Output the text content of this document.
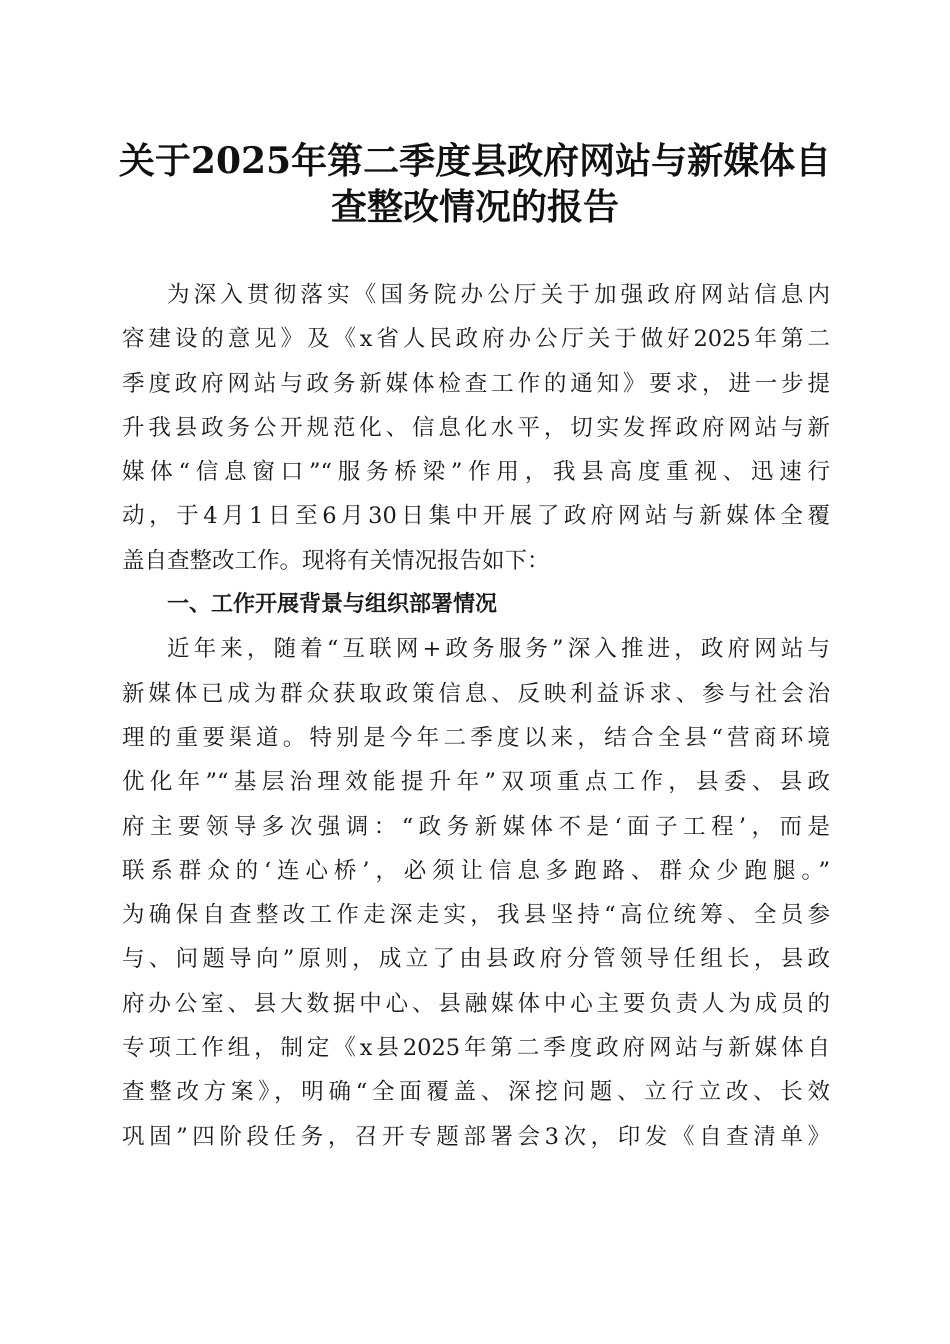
关于2025年第二季度县政府网站与新媒体自
查整改情况的报告
为深入贯彻落实《国务院办公厅关于加强政府网站信息内
容建设的意见》及《x省人民政府办公厅关于做好2025年第二
季度政府网站与政务新媒体检查工作的通知》要求，进一步提
升我县政务公开规范化、信息化水平，切实发挥政府网站与新
媒体“信息窗口”“服务桥梁”作用，我县高度重视、迅速行
动，于4月1日至6月30日集中开展了政府网站与新媒体全覆
盖自查整改工作。现将有关情况报告如下：
一、工作开展背景与组织部署情况
近年来，随着“互联网+政务服务”深入推进，政府网站与
新媒体已成为群众获取政策信息、反映利益诉求、参与社会治
理的重要渠道。特别是今年二季度以来，结合全县“营商环境
优化年”“基层治理效能提升年”双项重点工作，县委、县政
府主要领导多次强调：“政务新媒体不是‘面子工程’，而是
联系群众的‘连心桥’，必须让信息多跑路、群众少跑腿。”
为确保自查整改工作走深走实，我县坚持“高位统筹、全员参
与、问题导向”原则，成立了由县政府分管领导任组长，县政
府办公室、县大数据中心、县融媒体中心主要负责人为成员的
专项工作组，制定《x县2025年第二季度政府网站与新媒体自
查整改方案》，明确“全面覆盖、深挖问题、立行立改、长效
巩固”四阶段任务，召开专题部署会3次，印发《自查清单》
